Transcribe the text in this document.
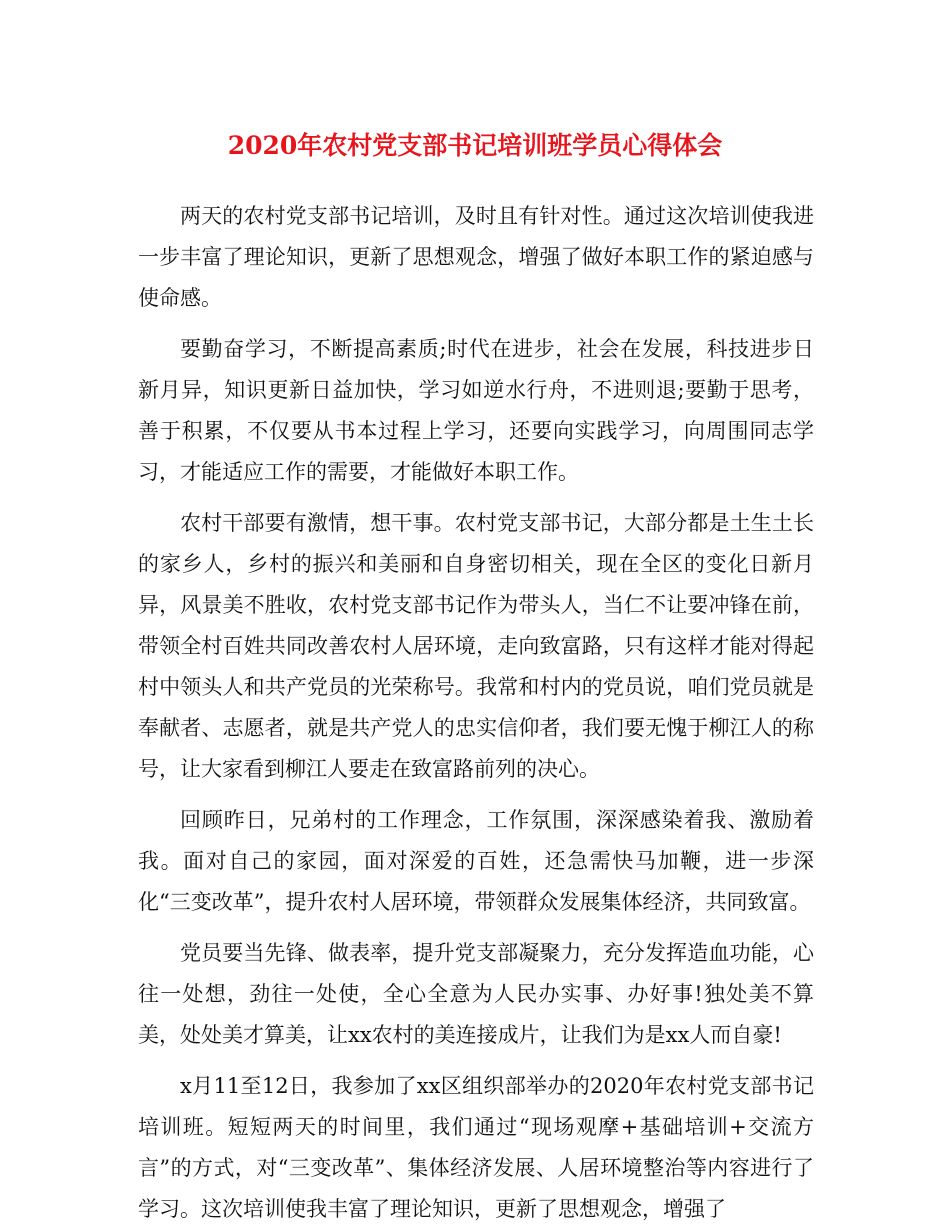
2020年农村党支部书记培训班学员心得体会

两天的农村党支部书记培训，及时且有针对性。通过这次培训使我进一步丰富了理论知识，更新了思想观念，增强了做好本职工作的紧迫感与使命感。

要勤奋学习，不断提高素质;时代在进步，社会在发展，科技进步日新月异，知识更新日益加快，学习如逆水行舟，不进则退;要勤于思考，善于积累，不仅要从书本过程上学习，还要向实践学习，向周围同志学习，才能适应工作的需要，才能做好本职工作。

农村干部要有激情，想干事。农村党支部书记，大部分都是土生土长的家乡人，乡村的振兴和美丽和自身密切相关，现在全区的变化日新月异，风景美不胜收，农村党支部书记作为带头人，当仁不让要冲锋在前，带领全村百姓共同改善农村人居环境，走向致富路，只有这样才能对得起村中领头人和共产党员的光荣称号。我常和村内的党员说，咱们党员就是奉献者、志愿者，就是共产党人的忠实信仰者，我们要无愧于柳江人的称号，让大家看到柳江人要走在致富路前列的决心。

回顾昨日，兄弟村的工作理念，工作氛围，深深感染着我、激励着我。面对自己的家园，面对深爱的百姓，还急需快马加鞭，进一步深化“三变改革”，提升农村人居环境，带领群众发展集体经济，共同致富。

党员要当先锋、做表率，提升党支部凝聚力，充分发挥造血功能，心往一处想，劲往一处使，全心全意为人民办实事、办好事!独处美不算美，处处美才算美，让xx农村的美连接成片，让我们为是xx人而自豪!

x月11至12日，我参加了xx区组织部举办的2020年农村党支部书记培训班。短短两天的时间里，我们通过“现场观摩+基础培训+交流方言”的方式，对“三变改革”、集体经济发展、人居环境整治等内容进行了学习。这次培训使我丰富了理论知识，更新了思想观念，增强了
